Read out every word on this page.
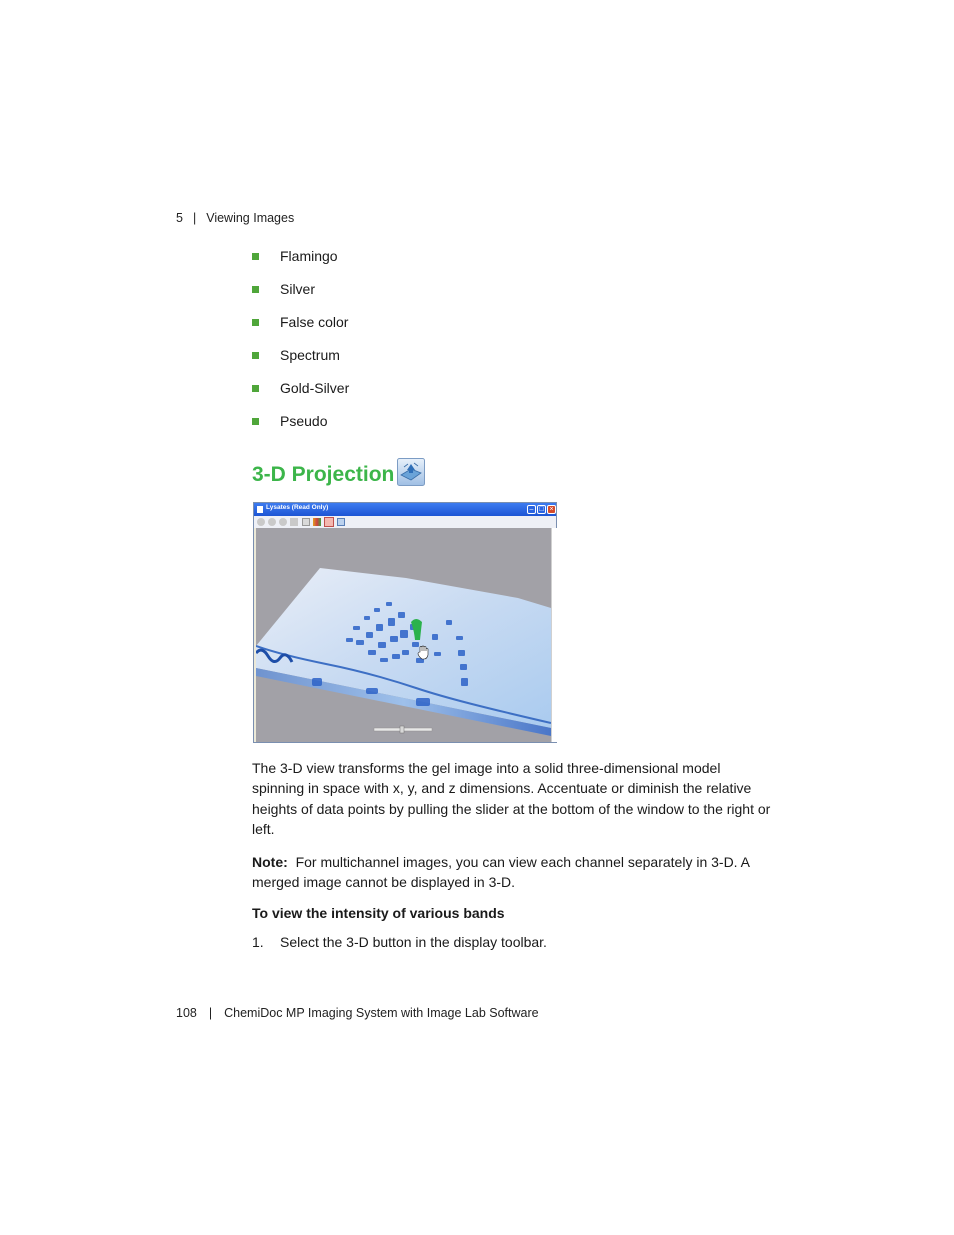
5 | Viewing Images
Flamingo
Silver
False color
Spectrum
Gold-Silver
Pseudo
3-D Projection
Lysates (Read Only)	– □ ×

The 3-D view transforms the gel image into a solid three-dimensional model spinning in space with x, y, and z dimensions. Accentuate or diminish the relative heights of data points by pulling the slider at the bottom of the window to the right or left.

Note: For multichannel images, you can view each channel separately in 3-D. A merged image cannot be displayed in 3-D.

To view the intensity of various bands
1.	Select the 3-D button in the display toolbar.
108 | ChemiDoc MP Imaging System with Image Lab Software
